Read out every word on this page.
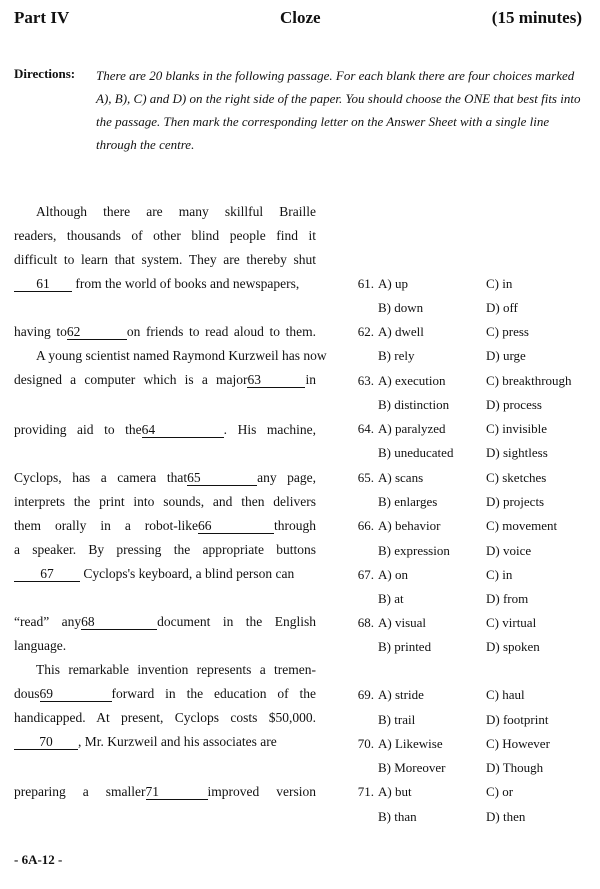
Part IV	Cloze	(15 minutes)
Directions: There are 20 blanks in the following passage. For each blank there are four choices marked A), B), C) and D) on the right side of the paper. You should choose the ONE that best fits into the passage. Then mark the corresponding letter on the Answer Sheet with a single line through the centre.
Although there are many skillful Braille
readers, thousands of other blind people find it
difficult to learn that system. They are thereby shut
61 from the world of books and newspapers,
having to62	on friends to read aloud to them.
A young scientist named Raymond Kurzweil has now
designed a computer which is a major63	in
providing aid to the64	. His machine,
Cyclops, has a camera that65	any page,
interprets the print into sounds, and then delivers
them orally in a robot-like66	through
a speaker. By pressing the appropriate buttons
67 Cyclops's keyboard, a blind person can
“read” any68	document in the English
language.
This remarkable invention represents a tremen-
dous69	forward in the education of the
handicapped. At present, Cyclops costs $50,000.
70 , Mr. Kurzweil and his associates are
preparing a smaller71	improved version
61. A) up	C) in
B) down	D) off
62. A) dwell	C) press
B) rely	D) urge
63. A) execution	C) breakthrough
B) distinction	D) process
64. A) paralyzed	C) invisible
B) uneducated	D) sightless
65. A) scans	C) sketches
B) enlarges	D) projects
66. A) behavior	C) movement
B) expression	D) voice
67. A) on	C) in
B) at	D) from
68. A) visual	C) virtual
B) printed	D) spoken
69. A) stride	C) haul
B) trail	D) footprint
70. A) Likewise	C) However
B) Moreover	D) Though
71. A) but	C) or
B) than	D) then
- 6A-12 -
